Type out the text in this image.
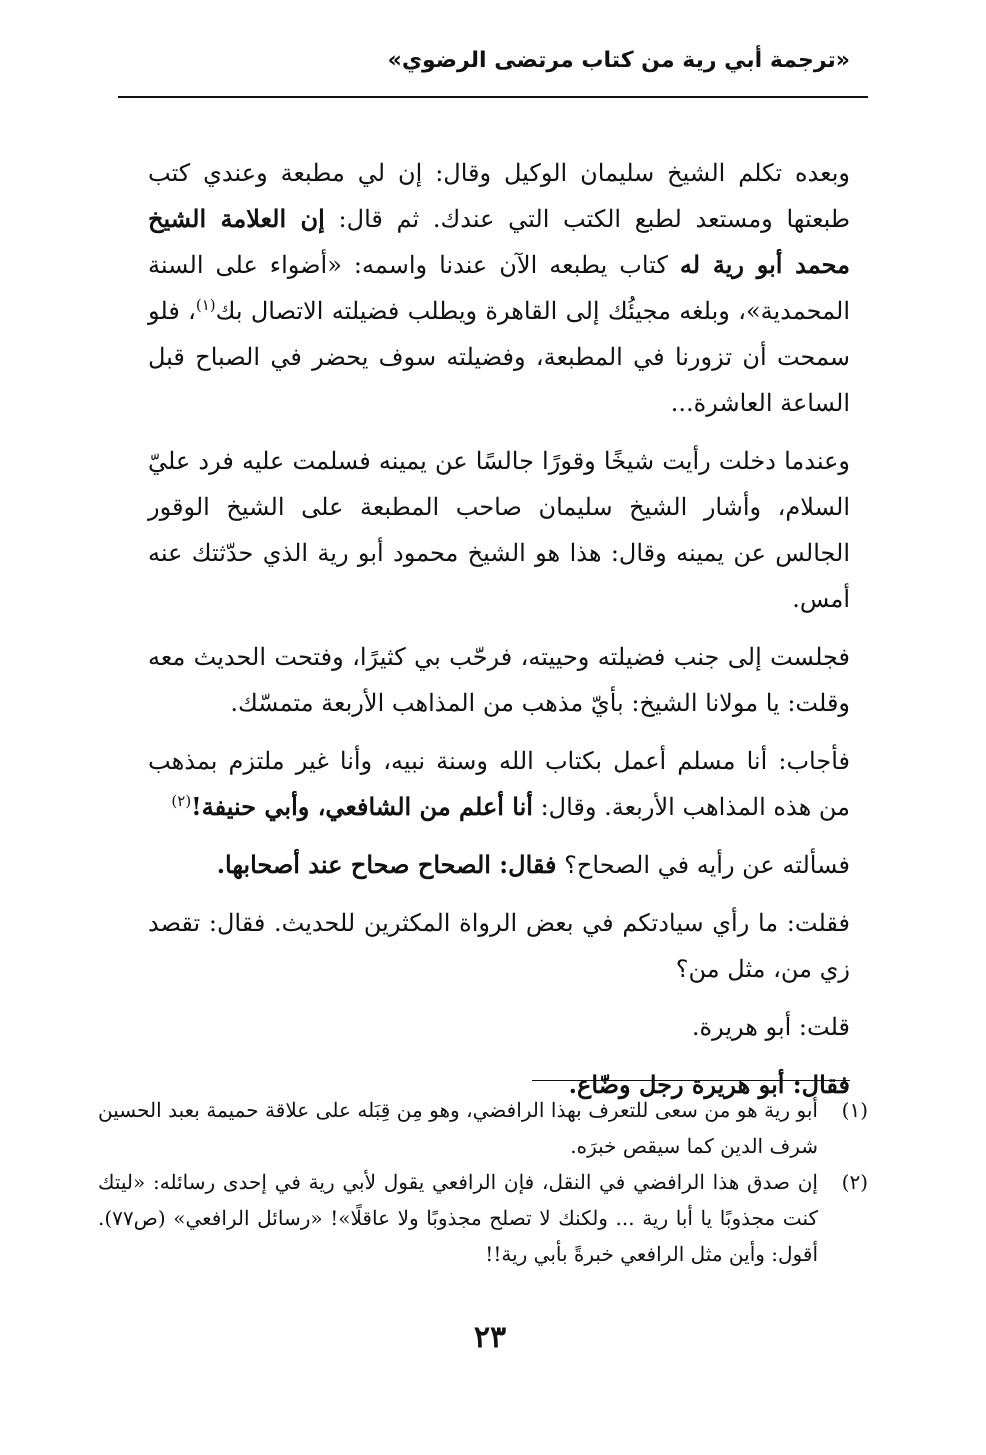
«ترجمة أبي رية من كتاب مرتضى الرضوي»

وبعده تكلم الشيخ سليمان الوكيل وقال: إن لي مطبعة وعندي كتب طبعتها ومستعد لطبع الكتب التي عندك. ثم قال: إن العلامة الشيخ محمد أبو رية له كتاب يطبعه الآن عندنا واسمه: «أضواء على السنة المحمدية»، وبلغه مجيئُك إلى القاهرة ويطلب فضيلته الاتصال بك$^{(١)}$، فلو سمحت أن تزورنا في المطبعة، وفضيلته سوف يحضر في الصباح قبل الساعة العاشرة...

وعندما دخلت رأيت شيخًا وقورًا جالسًا عن يمينه فسلمت عليه فرد عليّ السلام، وأشار الشيخ سليمان صاحب المطبعة على الشيخ الوقور الجالس عن يمينه وقال: هذا هو الشيخ محمود أبو رية الذي حدّثتك عنه أمس.

فجلست إلى جنب فضيلته وحييته، فرحّب بي كثيرًا، وفتحت الحديث معه وقلت: يا مولانا الشيخ: بأيّ مذهب من المذاهب الأربعة متمسّك.

فأجاب: أنا مسلم أعمل بكتاب الله وسنة نبيه، وأنا غير ملتزم بمذهب من هذه المذاهب الأربعة. وقال: أنا أعلم من الشافعي، وأبي حنيفة!$^{(٢)}$

فسألته عن رأيه في الصحاح؟ فقال: الصحاح صحاح عند أصحابها.

فقلت: ما رأي سيادتكم في بعض الرواة المكثرين للحديث. فقال: تقصد زي من، مثل من؟

قلت: أبو هريرة.

فقال: أبو هريرة رجل وضّاع.

(١)
أبو رية هو من سعى للتعرف بهذا الرافضي، وهو مِن قِبَله على علاقة حميمة بعبد الحسين شرف الدين كما سيقص خبرَه.
(٢)
إن صدق هذا الرافضي في النقل، فإن الرافعي يقول لأبي رية في إحدى رسائله: «ليتك كنت مجذوبًا يا أبا رية ... ولكنك لا تصلح مجذوبًا ولا عاقلًا»! «رسائل الرافعي» (ص٧٧). أقول: وأين مثل الرافعي خبرةً بأبي رية!!
٢٣
